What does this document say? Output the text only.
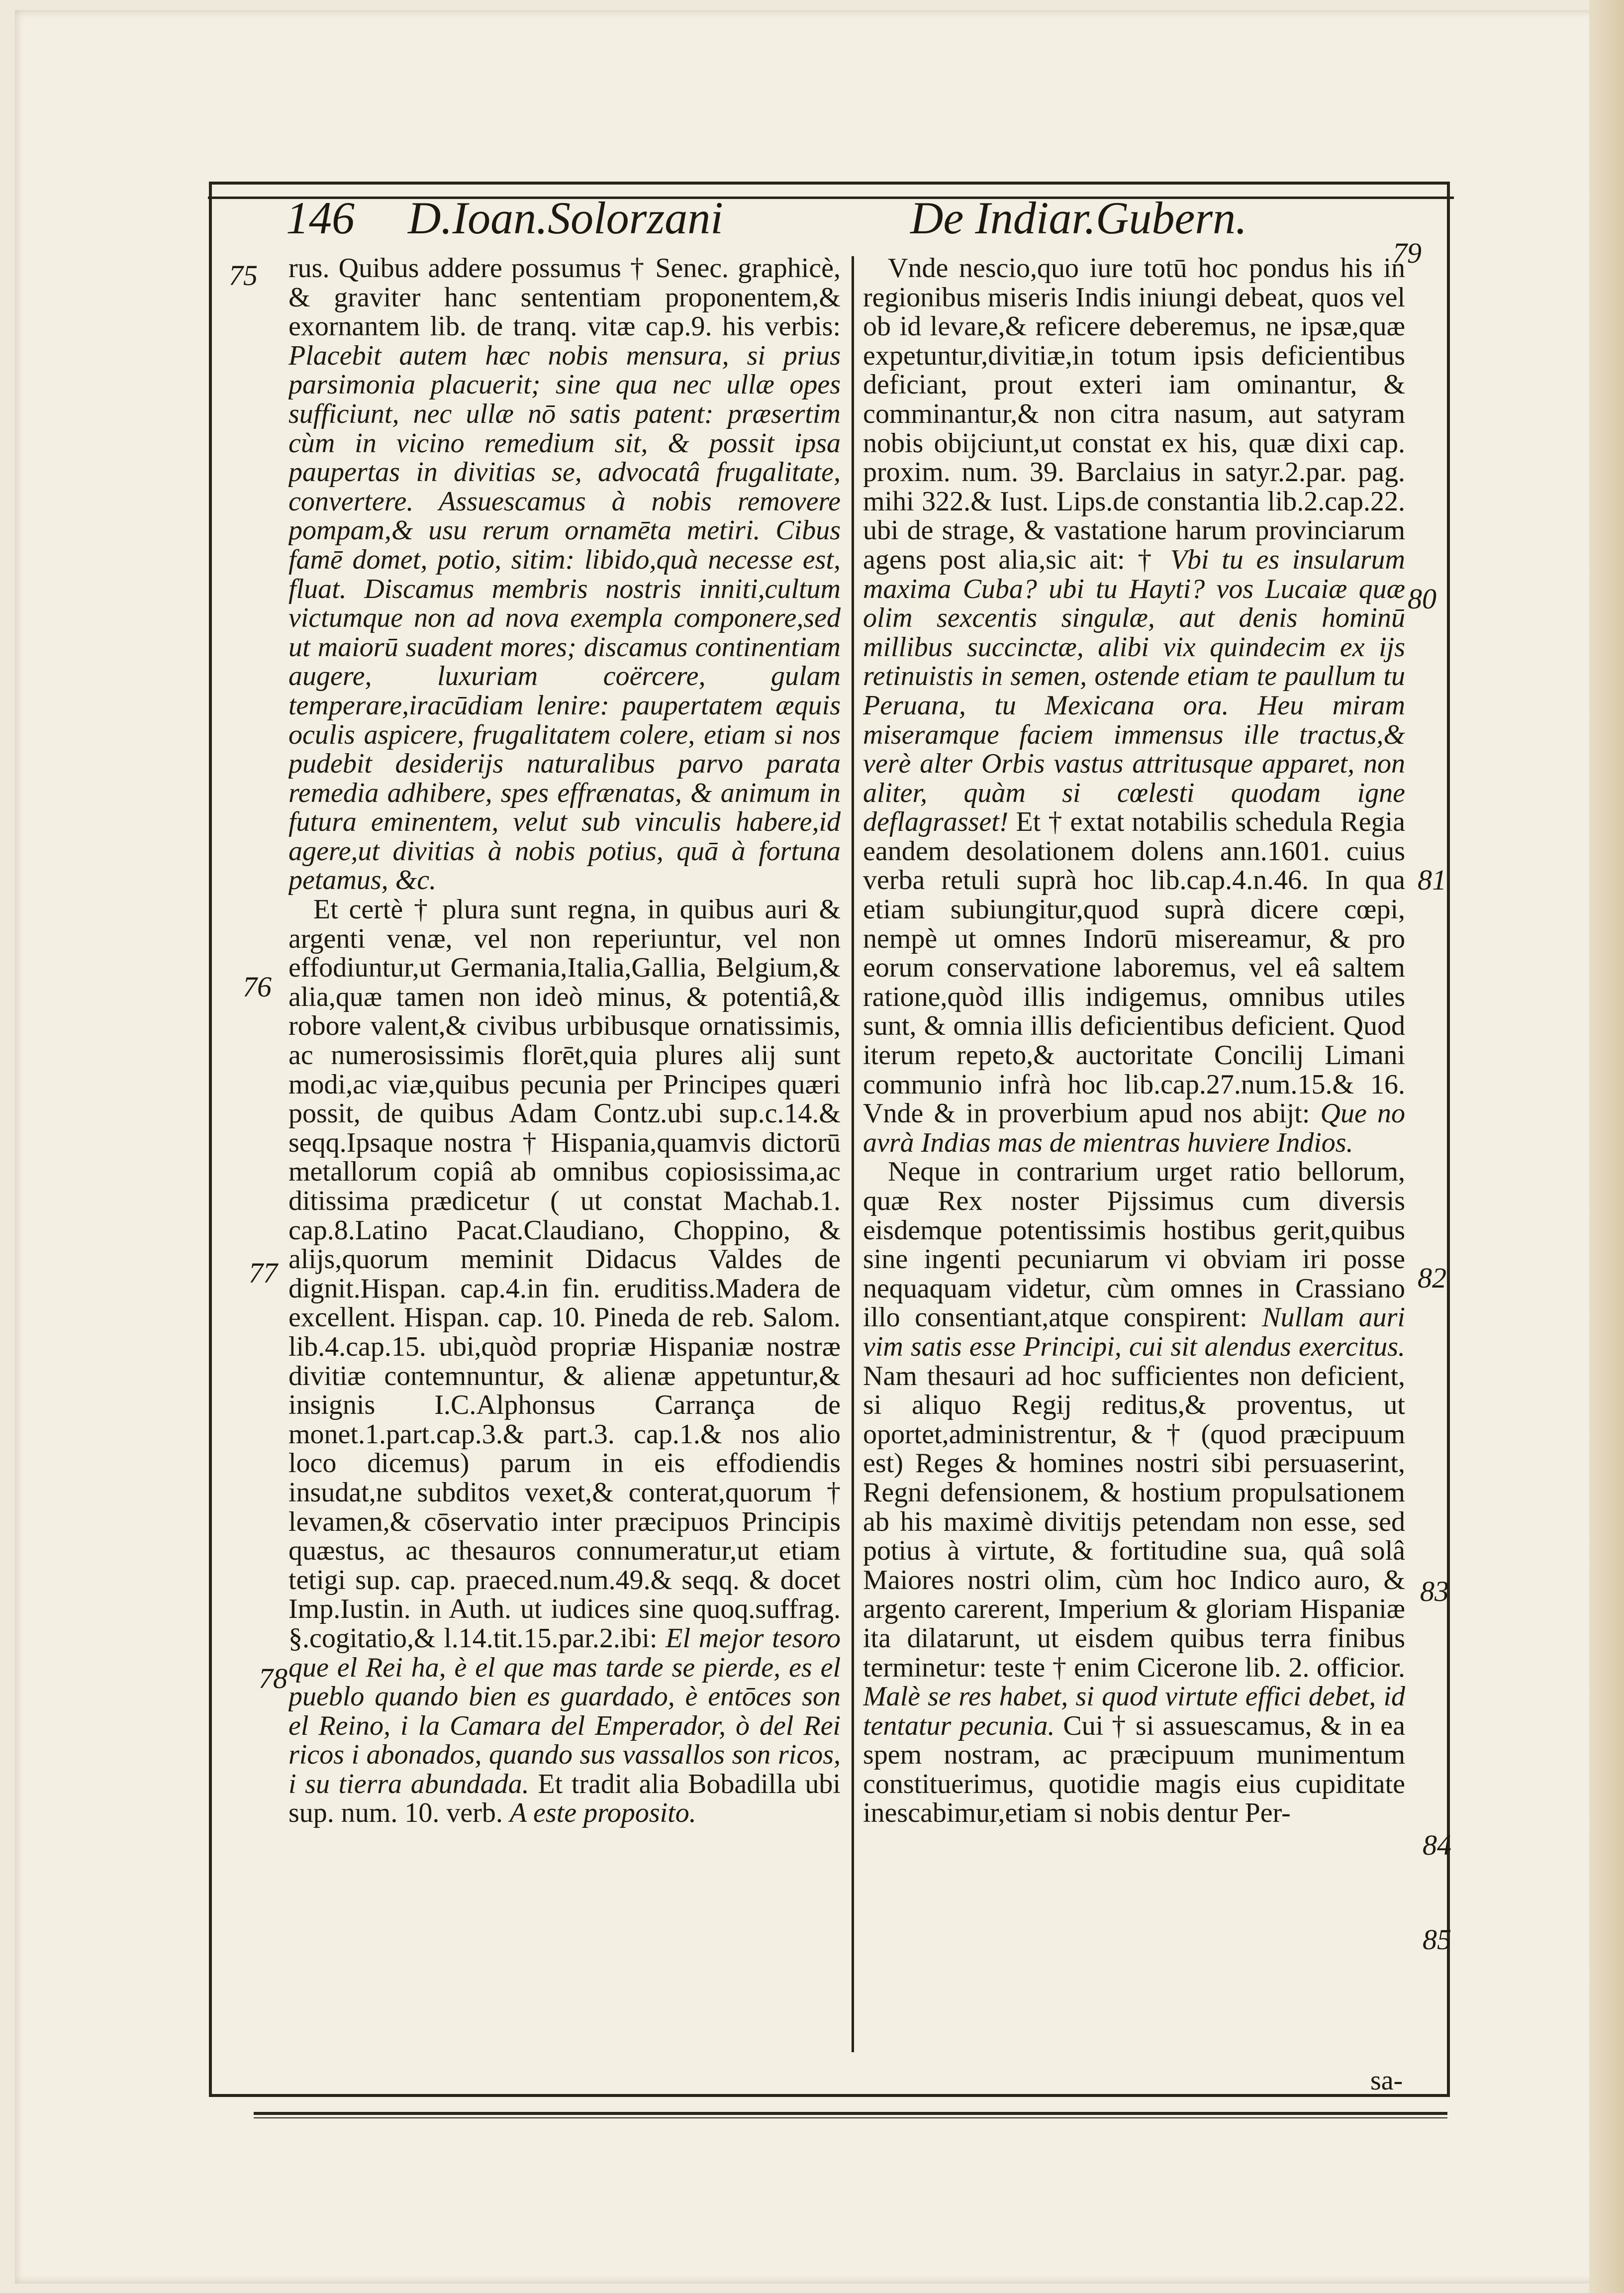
146 D.Ioan.Solorzani	De Indiar.Gubern.

rus. Quibus addere possumus † Senec. graphicè, & graviter hanc sententiam proponentem,& exornantem lib. de tranq. vitæ cap.9. his verbis: Placebit autem hæc nobis mensura, si prius parsimonia placuerit; sine qua nec ullæ opes sufficiunt, nec ullæ nō satis patent: præsertim cùm in vicino remedium sit, & possit ipsa paupertas in divitias se, advocatâ frugalitate, convertere. Assuescamus à nobis removere pompam,& usu rerum ornamēta metiri. Cibus famē domet, potio, sitim: libido,quà necesse est, fluat. Discamus membris nostris inniti,cultum victumque non ad nova exempla componere,sed ut maiorū suadent mores; discamus continentiam augere, luxuriam coërcere, gulam temperare,iracūdiam lenire: paupertatem æquis oculis aspicere, frugalitatem colere, etiam si nos pudebit desiderijs naturalibus parvo parata remedia adhibere, spes effrænatas, & animum in futura eminentem, velut sub vinculis habere,id agere,ut divitias à nobis potius, quā à fortuna petamus, &c.

Et certè † plura sunt regna, in quibus auri & argenti venæ, vel non reperiuntur, vel non effodiuntur,ut Germania,Italia,Gallia, Belgium,& alia,quæ tamen non ideò minus, & potentiâ,& robore valent,& civibus urbibusque ornatissimis, ac numerosissimis florēt,quia plures alij sunt modi,ac viæ,quibus pecunia per Principes quæri possit, de quibus Adam Contz.ubi sup.c.14.& seqq.Ipsaque nostra † Hispania,quamvis dictorū metallorum copiâ ab omnibus copiosissima,ac ditissima prædicetur ( ut constat Machab.1. cap.8.Latino Pacat.Claudiano, Choppino, & alijs,quorum meminit Didacus Valdes de dignit.Hispan. cap.4.in fin. eruditiss.Madera de excellent. Hispan. cap. 10. Pineda de reb. Salom. lib.4.cap.15. ubi,quòd propriæ Hispaniæ nostræ divitiæ contemnuntur, & alienæ appetuntur,& insignis I.C.Alphonsus Carrança de monet.1.part.cap.3.& part.3. cap.1.& nos alio loco dicemus) parum in eis effodiendis insudat,ne subditos vexet,& conterat,quorum † levamen,& cōservatio inter præcipuos Principis quæstus, ac thesauros connumeratur,ut etiam tetigi sup. cap. praeced.num.49.& seqq. & docet Imp.Iustin. in Auth. ut iudices sine quoq.suffrag. §.cogitatio,& l.14.tit.15.par.2.ibi: El mejor tesoro que el Rei ha, è el que mas tarde se pierde, es el pueblo quando bien es guardado, è entōces son el Reino, i la Camara del Emperador, ò del Rei ricos i abonados, quando sus vassallos son ricos, i su tierra abundada. Et tradit alia Bobadilla ubi sup. num. 10. verb. A este proposito.

Vnde nescio,quo iure totū hoc pondus his in regionibus miseris Indis iniungi debeat, quos vel ob id levare,& reficere deberemus, ne ipsæ,quæ expetuntur,divitiæ,in totum ipsis deficientibus deficiant, prout exteri iam ominantur, & comminantur,& non citra nasum, aut satyram nobis obijciunt,ut constat ex his, quæ dixi cap. proxim. num. 39. Barclaius in satyr.2.par. pag. mihi 322.& Iust. Lips.de constantia lib.2.cap.22. ubi de strage, & vastatione harum provinciarum agens post alia,sic ait: † Vbi tu es insularum maxima Cuba? ubi tu Hayti? vos Lucaiæ quæ olim sexcentis singulæ, aut denis hominū millibus succinctæ, alibi vix quindecim ex ijs retinuistis in semen, ostende etiam te paullum tu Peruana, tu Mexicana ora. Heu miram miseramque faciem immensus ille tractus,& verè alter Orbis vastus attritusque apparet, non aliter, quàm si cœlesti quodam igne deflagrasset! Et † extat notabilis schedula Regia eandem desolationem dolens ann.1601. cuius verba retuli suprà hoc lib.cap.4.n.46. In qua etiam subiungitur,quod suprà dicere cœpi, nempè ut omnes Indorū misereamur, & pro eorum conservatione laboremus, vel eâ saltem ratione,quòd illis indigemus, omnibus utiles sunt, & omnia illis deficientibus deficient. Quod iterum repeto,& auctoritate Concilij Limani communio infrà hoc lib.cap.27.num.15.& 16. Vnde & in proverbium apud nos abijt: Que no avrà Indias mas de mientras huviere Indios.

Neque in contrarium urget ratio bellorum, quæ Rex noster Pijssimus cum diversis eisdemque potentissimis hostibus gerit,quibus sine ingenti pecuniarum vi obviam iri posse nequaquam videtur, cùm omnes in Crassiano illo consentiant,atque conspirent: Nullam auri vim satis esse Principi, cui sit alendus exercitus. Nam thesauri ad hoc sufficientes non deficient, si aliquo Regij reditus,& proventus, ut oportet,administrentur, & † (quod præcipuum est) Reges & homines nostri sibi persuaserint, Regni defensionem, & hostium propulsationem ab his maximè divitijs petendam non esse, sed potius à virtute, & fortitudine sua, quâ solâ Maiores nostri olim, cùm hoc Indico auro, & argento carerent, Imperium & gloriam Hispaniæ ita dilatarunt, ut eisdem quibus terra finibus terminetur: teste † enim Cicerone lib. 2. officior. Malè se res habet, si quod virtute effici debet, id tentatur pecunia. Cui † si assuescamus, & in ea spem nostram, ac præcipuum munimentum constituerimus, quotidie magis eius cupiditate inescabimur,etiam si nobis dentur Per-

75
76
77
78
79
80
81
82
83
84
85
sa-
